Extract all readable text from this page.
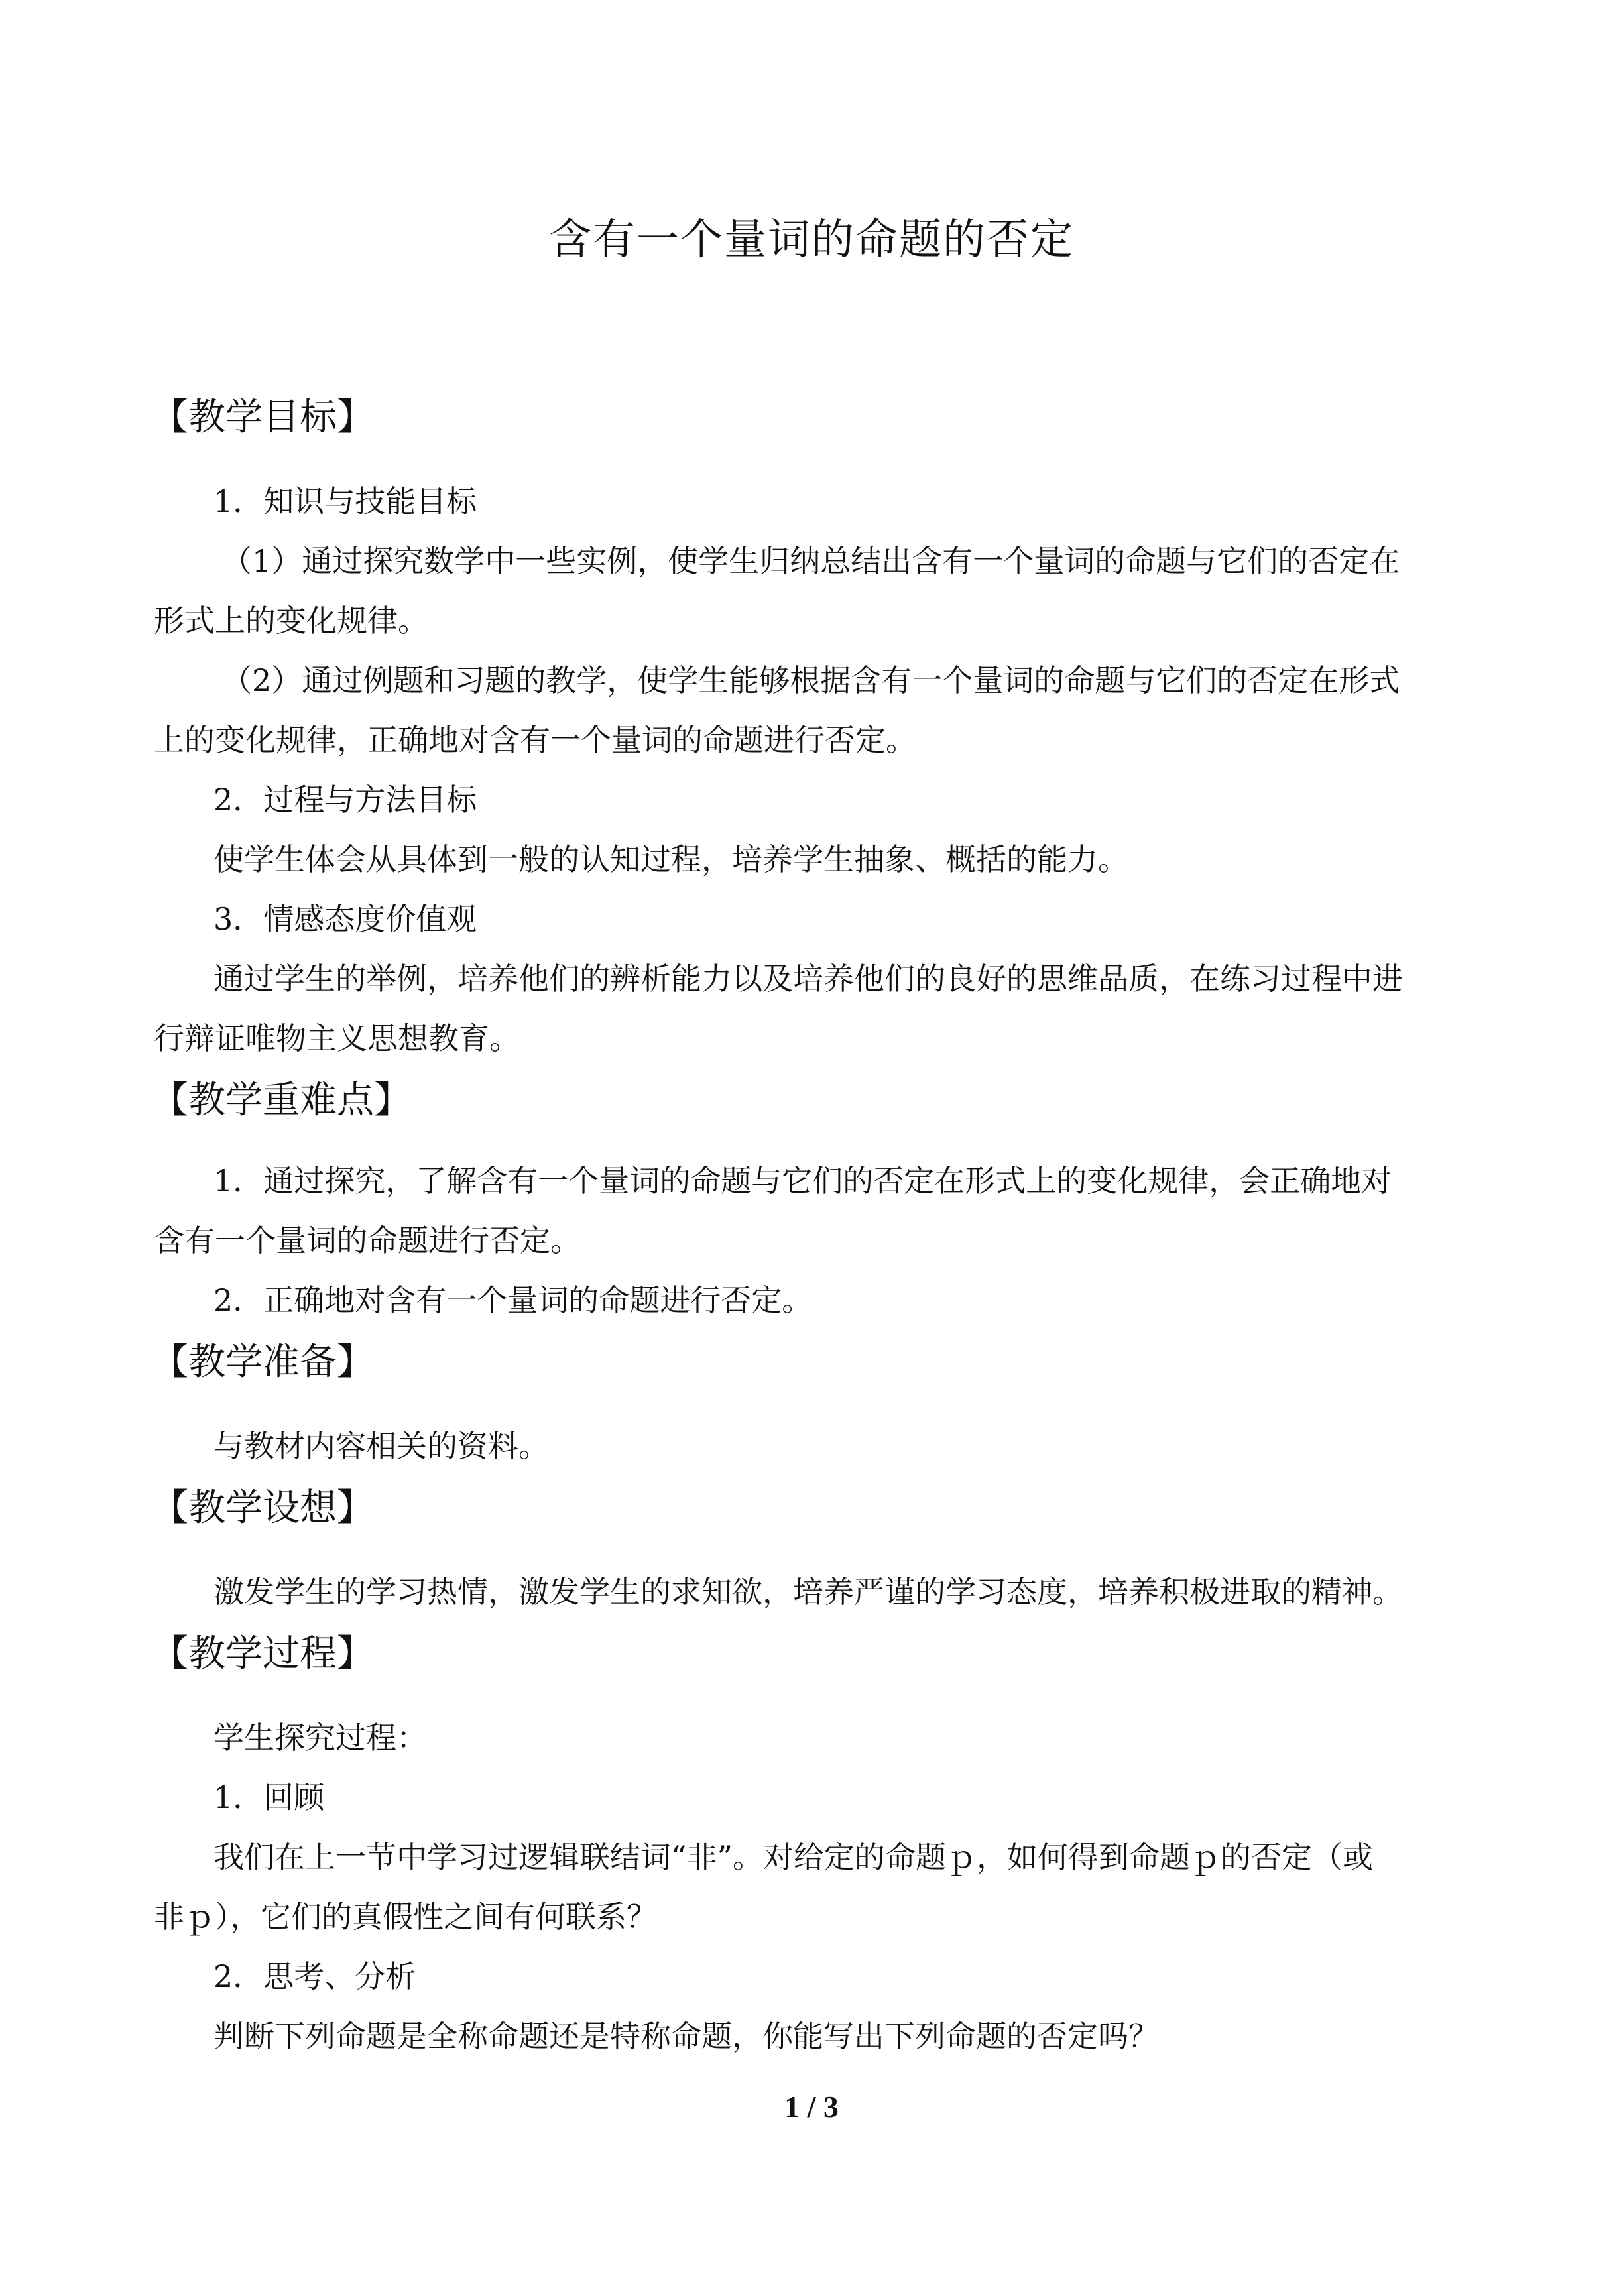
含有一个量词的命题的否定
【教学目标】
1．知识与技能目标
（1）通过探究数学中一些实例，使学生归纳总结出含有一个量词的命题与它们的否定在
形式上的变化规律。
（2）通过例题和习题的教学，使学生能够根据含有一个量词的命题与它们的否定在形式
上的变化规律，正确地对含有一个量词的命题进行否定。
2．过程与方法目标
使学生体会从具体到一般的认知过程，培养学生抽象、概括的能力。
3．情感态度价值观
通过学生的举例，培养他们的辨析能力以及培养他们的良好的思维品质，在练习过程中进
行辩证唯物主义思想教育。
【教学重难点】
1．通过探究，了解含有一个量词的命题与它们的否定在形式上的变化规律，会正确地对
含有一个量词的命题进行否定。
2．正确地对含有一个量词的命题进行否定。
【教学准备】
与教材内容相关的资料。
【教学设想】
激发学生的学习热情，激发学生的求知欲，培养严谨的学习态度，培养积极进取的精神。
【教学过程】
学生探究过程：
1．回顾
我们在上一节中学习过逻辑联结词“非”。对给定的命题ｐ，如何得到命题ｐ的否定（或
非ｐ），它们的真假性之间有何联系？
2．思考、分析
判断下列命题是全称命题还是特称命题，你能写出下列命题的否定吗？
1 / 3
